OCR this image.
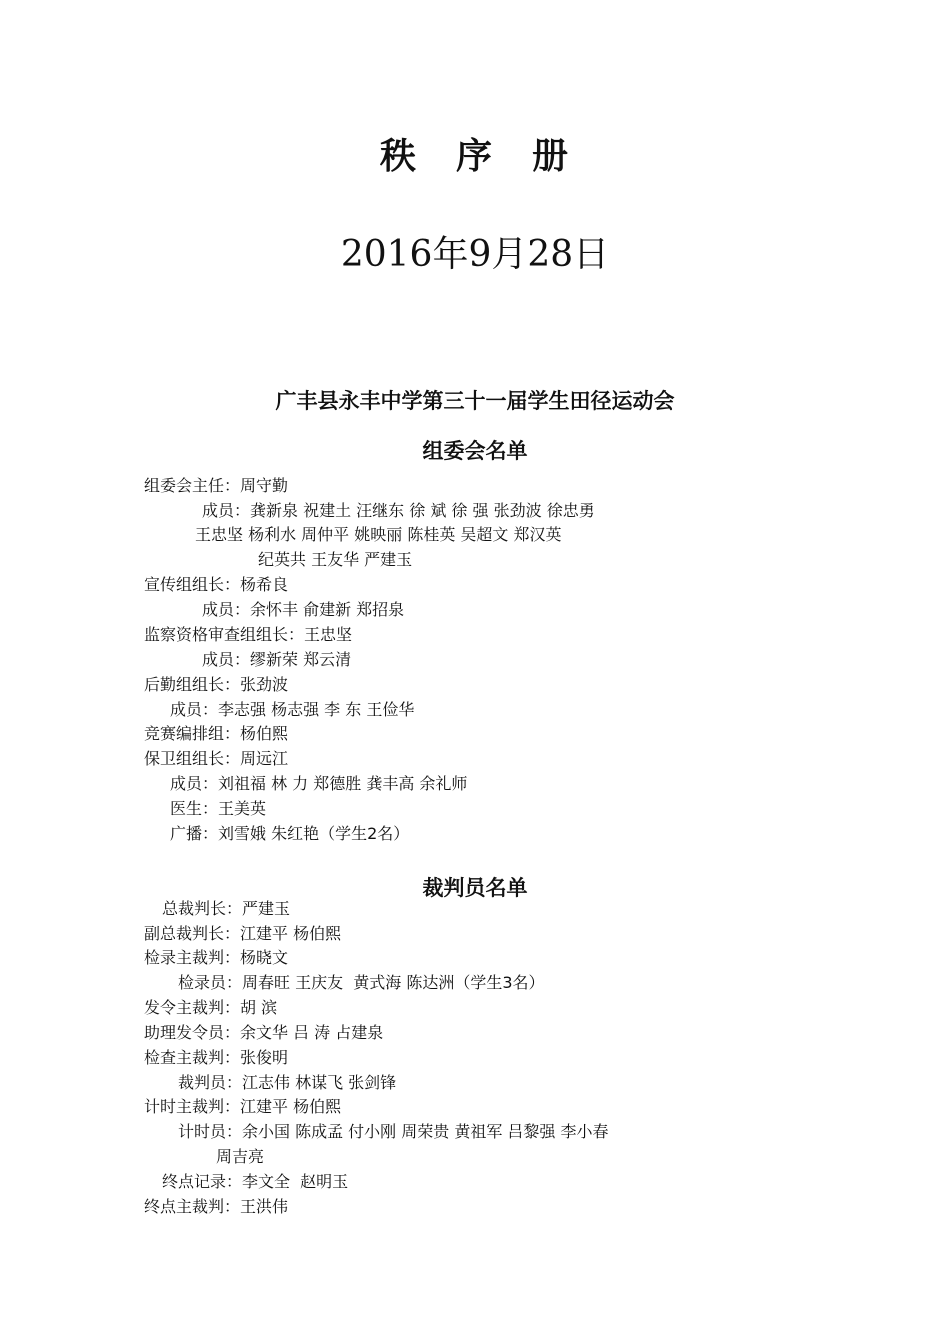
秩　序　册
2016年9月28日
广丰县永丰中学第三十一届学生田径运动会
组委会名单
组委会主任：周守勤
成员：龚新泉 祝建土 汪继东 徐 斌 徐 强 张劲波 徐忠勇
王忠坚 杨利水 周仲平 姚映丽 陈桂英 吴超文 郑汉英
纪英共 王友华 严建玉
宣传组组长：杨希良
成员：余怀丰 俞建新 郑招泉
监察资格审查组组长：王忠坚
成员：缪新荣 郑云清
后勤组组长：张劲波
成员：李志强 杨志强 李 东 王俭华
竞赛编排组：杨伯熙
保卫组组长：周远江
成员：刘祖福 林 力 郑德胜 龚丰高 余礼师
医生：王美英
广播：刘雪娥 朱红艳（学生2名）
裁判员名单
总裁判长：严建玉
副总裁判长：江建平 杨伯熙
检录主裁判：杨晓文
检录员：周春旺 王庆友  黄式海 陈达洲（学生3名）
发令主裁判：胡 滨
助理发令员：余文华 吕 涛 占建泉
检查主裁判：张俊明
裁判员：江志伟 林谋飞 张剑锋
计时主裁判：江建平 杨伯熙
计时员：余小国 陈成孟 付小刚 周荣贵 黄祖军 吕黎强 李小春
周吉亮
终点记录：李文全  赵明玉
终点主裁判：王洪伟
